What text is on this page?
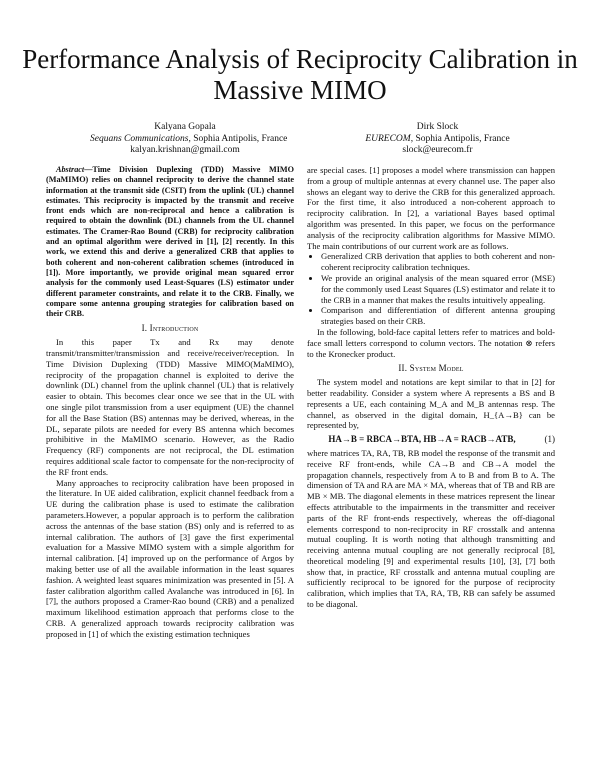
Performance Analysis of Reciprocity Calibration in Massive MIMO
Kalyana Gopala
Sequans Communications, Sophia Antipolis, France
kalyan.krishnan@gmail.com
Dirk Slock
EURECOM, Sophia Antipolis, France
slock@eurecom.fr

Abstract—Time Division Duplexing (TDD) Massive MIMO (MaMIMO) relies on channel reciprocity to derive the channel state information at the transmit side (CSIT) from the uplink (UL) channel estimates. This reciprocity is impacted by the transmit and receive front ends which are non-reciprocal and hence a calibration is required to obtain the downlink (DL) channels from the UL channel estimates. The Cramer-Rao Bound (CRB) for reciprocity calibration and an optimal algorithm were derived in [1], [2] recently. In this work, we extend this and derive a generalized CRB that applies to both coherent and non-coherent calibration schemes (introduced in [1]). More importantly, we provide original mean squared error analysis for the commonly used Least-Squares (LS) estimator under different parameter constraints, and relate it to the CRB. Finally, we compare some antenna grouping strategies for calibration based on their CRB.

I. Introduction

In this paper Tx and Rx may denote transmit/transmitter/transmission and receive/receiver/reception. In Time Division Duplexing (TDD) Massive MIMO(MaMIMO), reciprocity of the propagation channel is exploited to derive the downlink (DL) channel from the uplink channel (UL) that is relatively easier to obtain. This becomes clear once we see that in the UL with one single pilot transmission from a user equipment (UE) the channel for all the Base Station (BS) antennas may be derived, whereas, in the DL, separate pilots are needed for every BS antenna which becomes prohibitive in the MaMIMO scenario. However, as the Radio Frequency (RF) components are not reciprocal, the DL estimation requires additional scale factor to compensate for the non-reciprocity of the RF front ends.

Many approaches to reciprocity calibration have been proposed in the literature. In UE aided calibration, explicit channel feedback from a UE during the calibration phase is used to estimate the calibration parameters.However, a popular approach is to perform the calibration across the antennas of the base station (BS) only and is referred to as internal calibration. The authors of [3] gave the first experimental evaluation for a Massive MIMO system with a simple algorithm for internal calibration. [4] improved up on the performance of Argos by making better use of all the available information in the least squares fashion. A weighted least squares minimization was presented in [5]. A faster calibration algorithm called Avalanche was introduced in [6]. In [7], the authors proposed a Cramer-Rao bound (CRB) and a penalized maximum likelihood estimation approach that performs close to the CRB. A generalized approach towards reciprocity calibration was proposed in [1] of which the existing estimation techniques

are special cases. [1] proposes a model where transmission can happen from a group of multiple antennas at every channel use. The paper also shows an elegant way to derive the CRB for this generalized approach. For the first time, it also introduced a non-coherent approach to reciprocity calibration. In [2], a variational Bayes based optimal algorithm was presented. In this paper, we focus on the performance analysis of the reciprocity calibration algorithms for Massive MIMO. The main contributions of our current work are as follows.

• Generalized CRB derivation that applies to both coherent and non-coherent reciprocity calibration techniques.
• We provide an original analysis of the mean squared error (MSE) for the commonly used Least Squares (LS) estimator and relate it to the CRB in a manner that makes the results intuitively appealing.
• Comparison and differentiation of different antenna grouping strategies based on their CRB.

In the following, bold-face capital letters refer to matrices and bold-face small letters correspond to column vectors. The notation ⊗ refers to the Kronecker product.

II. System Model

The system model and notations are kept similar to that in [2] for better readability. Consider a system where A represents a BS and B represents a UE, each containing M_A and M_B antennas resp. The channel, as observed in the digital domain, H_{A→B} can be represented by,

HA→B = RBCA→BTA, HB→A = RACB→ATB,	(1)

where matrices TA, RA, TB, RB model the response of the transmit and receive RF front-ends, while CA→B and CB→A model the propagation channels, respectively from A to B and from B to A. The dimension of TA and RA are MA × MA, whereas that of TB and RB are MB × MB. The diagonal elements in these matrices represent the linear effects attributable to the impairments in the transmitter and receiver parts of the RF front-ends respectively, whereas the off-diagonal elements correspond to non-reciprocity in RF crosstalk and antenna mutual coupling. It is worth noting that although transmitting and receiving antenna mutual coupling are not generally reciprocal [8], theoretical modeling [9] and experimental results [10], [3], [7] both show that, in practice, RF crosstalk and antenna mutual coupling are sufficiently reciprocal to be ignored for the purpose of reciprocity calibration, which implies that TA, RA, TB, RB can safely be assumed to be diagonal.
